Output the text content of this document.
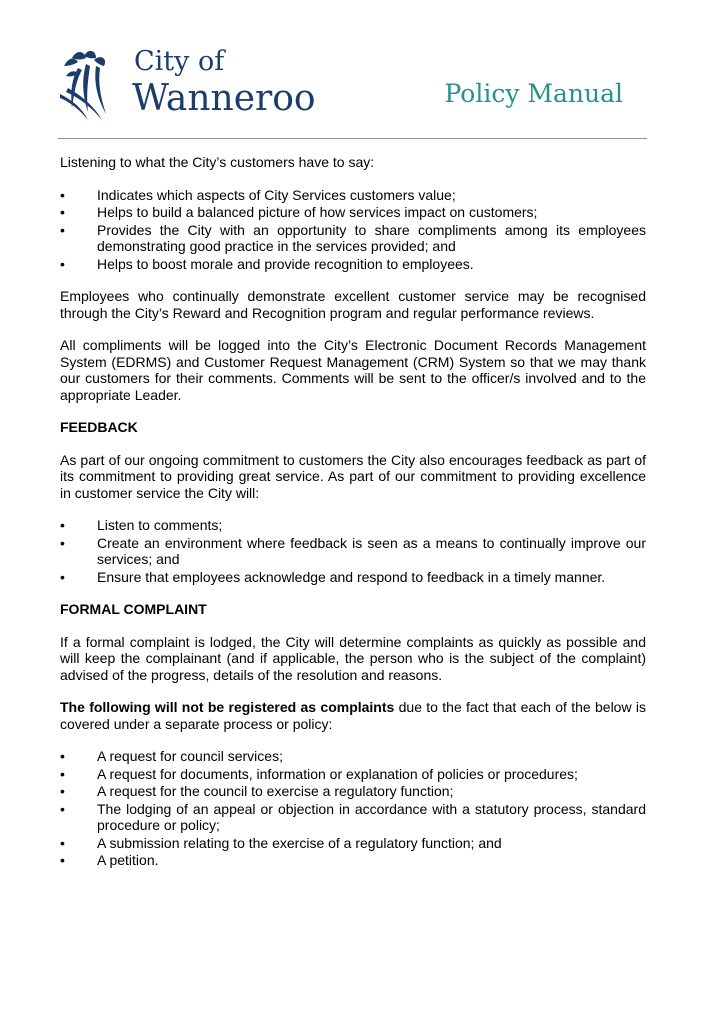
City of
Wanneroo	Policy Manual

Listening to what the City’s customers have to say:

• Indicates which aspects of City Services customers value;
• Helps to build a balanced picture of how services impact on customers;
• Provides the City with an opportunity to share compliments among its employees demonstrating good practice in the services provided; and
• Helps to boost morale and provide recognition to employees.

Employees who continually demonstrate excellent customer service may be recognised through the City’s Reward and Recognition program and regular performance reviews.

All compliments will be logged into the City’s Electronic Document Records Management System (EDRMS) and Customer Request Management (CRM) System so that we may thank our customers for their comments. Comments will be sent to the officer/s involved and to the appropriate Leader.

FEEDBACK

As part of our ongoing commitment to customers the City also encourages feedback as part of its commitment to providing great service. As part of our commitment to providing excellence in customer service the City will:

• Listen to comments;
• Create an environment where feedback is seen as a means to continually improve our services; and
• Ensure that employees acknowledge and respond to feedback in a timely manner.
FORMAL COMPLAINT

If a formal complaint is lodged, the City will determine complaints as quickly as possible and will keep the complainant (and if applicable, the person who is the subject of the complaint) advised of the progress, details of the resolution and reasons.

The following will not be registered as complaints due to the fact that each of the below is covered under a separate process or policy:

• A request for council services;
• A request for documents, information or explanation of policies or procedures;
• A request for the council to exercise a regulatory function;
• The lodging of an appeal or objection in accordance with a statutory process, standard procedure or policy;
• A submission relating to the exercise of a regulatory function; and
• A petition.
